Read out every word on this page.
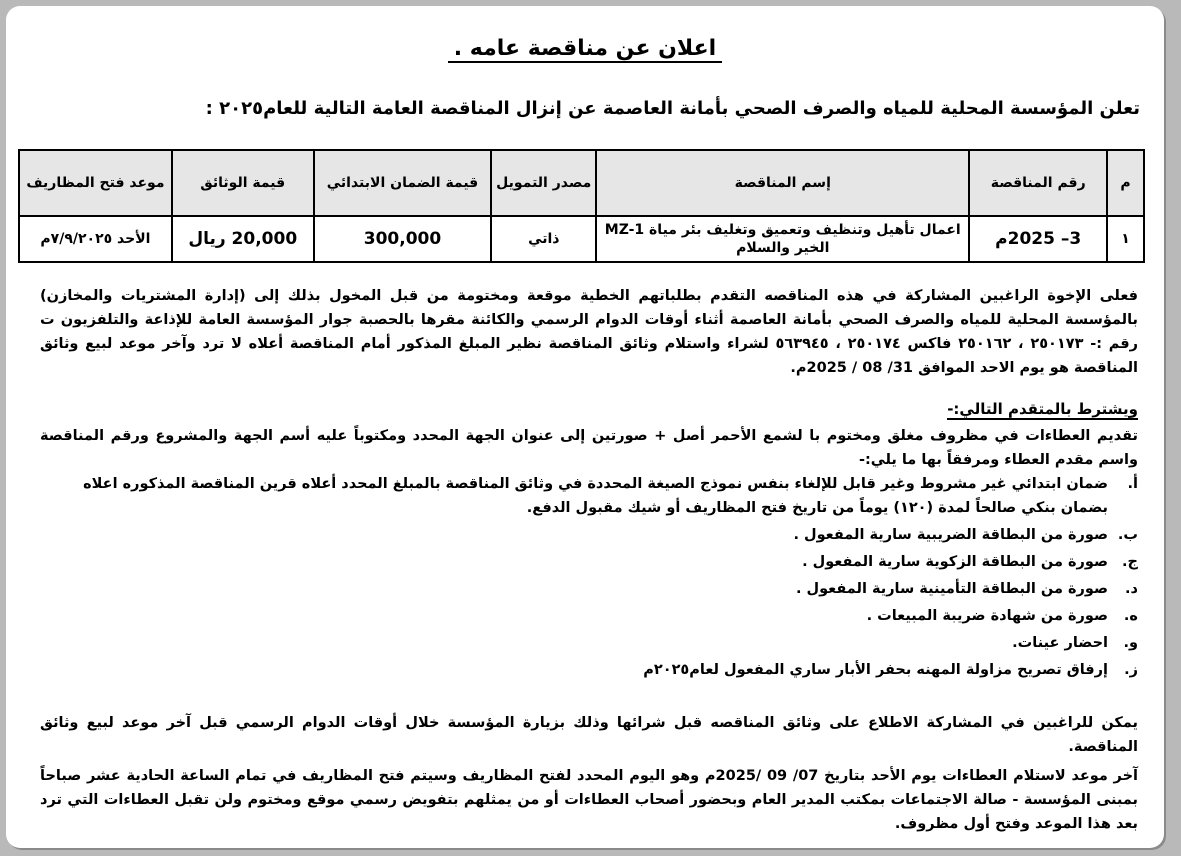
اعلان عن مناقصة عامه .
تعلن المؤسسة المحلية للمياه والصرف الصحي بأمانة العاصمة عن إنزال المناقصة العامة التالية للعام٢٠٢٥ :
م	رقم المناقصة	إسم المناقصة	مصدر التمويل	قيمة الضمان الابتدائي	قيمة الوثائق	موعد فتح المظاريف
١	3– 2025م	اعمال تأهيل وتنظيف وتعميق وتغليف بئر مياة MZ-1 الخير والسلام	ذاتي	300,000	20,000 ريال	الأحد ٧/٩/٢٠٢٥م
فعلى الإخوة الراغبين المشاركة في هذه المناقصه التقدم بطلباتهم الخطية موقعة ومختومة من قبل المخول بذلك إلى (إدارة المشتريات والمخازن) بالمؤسسة المحلية للمياه والصرف الصحي بأمانة العاصمة أثناء أوقات الدوام الرسمي والكائنة مقرها بالحصبة جوار المؤسسة العامة للإذاعة والتلفزيون ت رقم :- ٢٥٠١٧٣ ، ٢٥٠١٦٢ فاكس ٢٥٠١٧٤ ، ٥٦٣٩٤٥ لشراء واستلام وثائق المناقصة نظير المبلغ المذكور أمام المناقصة أعلاه لا ترد وآخر موعد لبيع وثائق المناقصة هو يوم الاحد الموافق 31/ 08 / 2025م.
ويشترط بالمتقدم التالي:-
تقديم العطاءات في مظروف مغلق ومختوم با لشمع الأحمر أصل + صورتين إلى عنوان الجهة المحدد ومكتوباً عليه أسم الجهة والمشروع ورقم المناقصة واسم مقدم العطاء ومرفقاً بها ما يلي:-
أ.
ضمان ابتدائي غير مشروط وغير قابل للإلغاء بنفس نموذج الصيغة المحددة في وثائق المناقصة بالمبلغ المحدد أعلاه قرين المناقصة المذكوره اعلاه بضمان بنكي صالحاً لمدة (١٢٠) يوماً من تاريخ فتح المظاريف أو شيك مقبول الدفع.
ب.
صورة من البطاقة الضريبية سارية المفعول .
ج.
صورة من البطاقة الزكوية سارية المفعول .
د.
صورة من البطاقة التأمينية سارية المفعول .
ه.
صورة من شهادة ضريبة المبيعات .
و.
احضار عينات.
ز.
إرفاق تصريح مزاولة المهنه بحفر الأبار ساري المفعول لعام٢٠٢٥م
يمكن للراغبين في المشاركة الاطلاع على وثائق المناقصه قبل شرائها وذلك بزيارة المؤسسة خلال أوقات الدوام الرسمي قبل آخر موعد لبيع وثائق المناقصة.
آخر موعد لاستلام العطاءات يوم الأحد بتاريخ 07/ 09 /2025م وهو اليوم المحدد لفتح المظاريف وسيتم فتح المظاريف في تمام الساعة الحادية عشر صباحاً بمبنى المؤسسة - صالة الاجتماعات بمكتب المدير العام وبحضور أصحاب العطاءات أو من يمثلهم بتفويض رسمي موقع ومختوم ولن تقبل العطاءات التي ترد بعد هذا الموعد وفتح أول مظروف.
